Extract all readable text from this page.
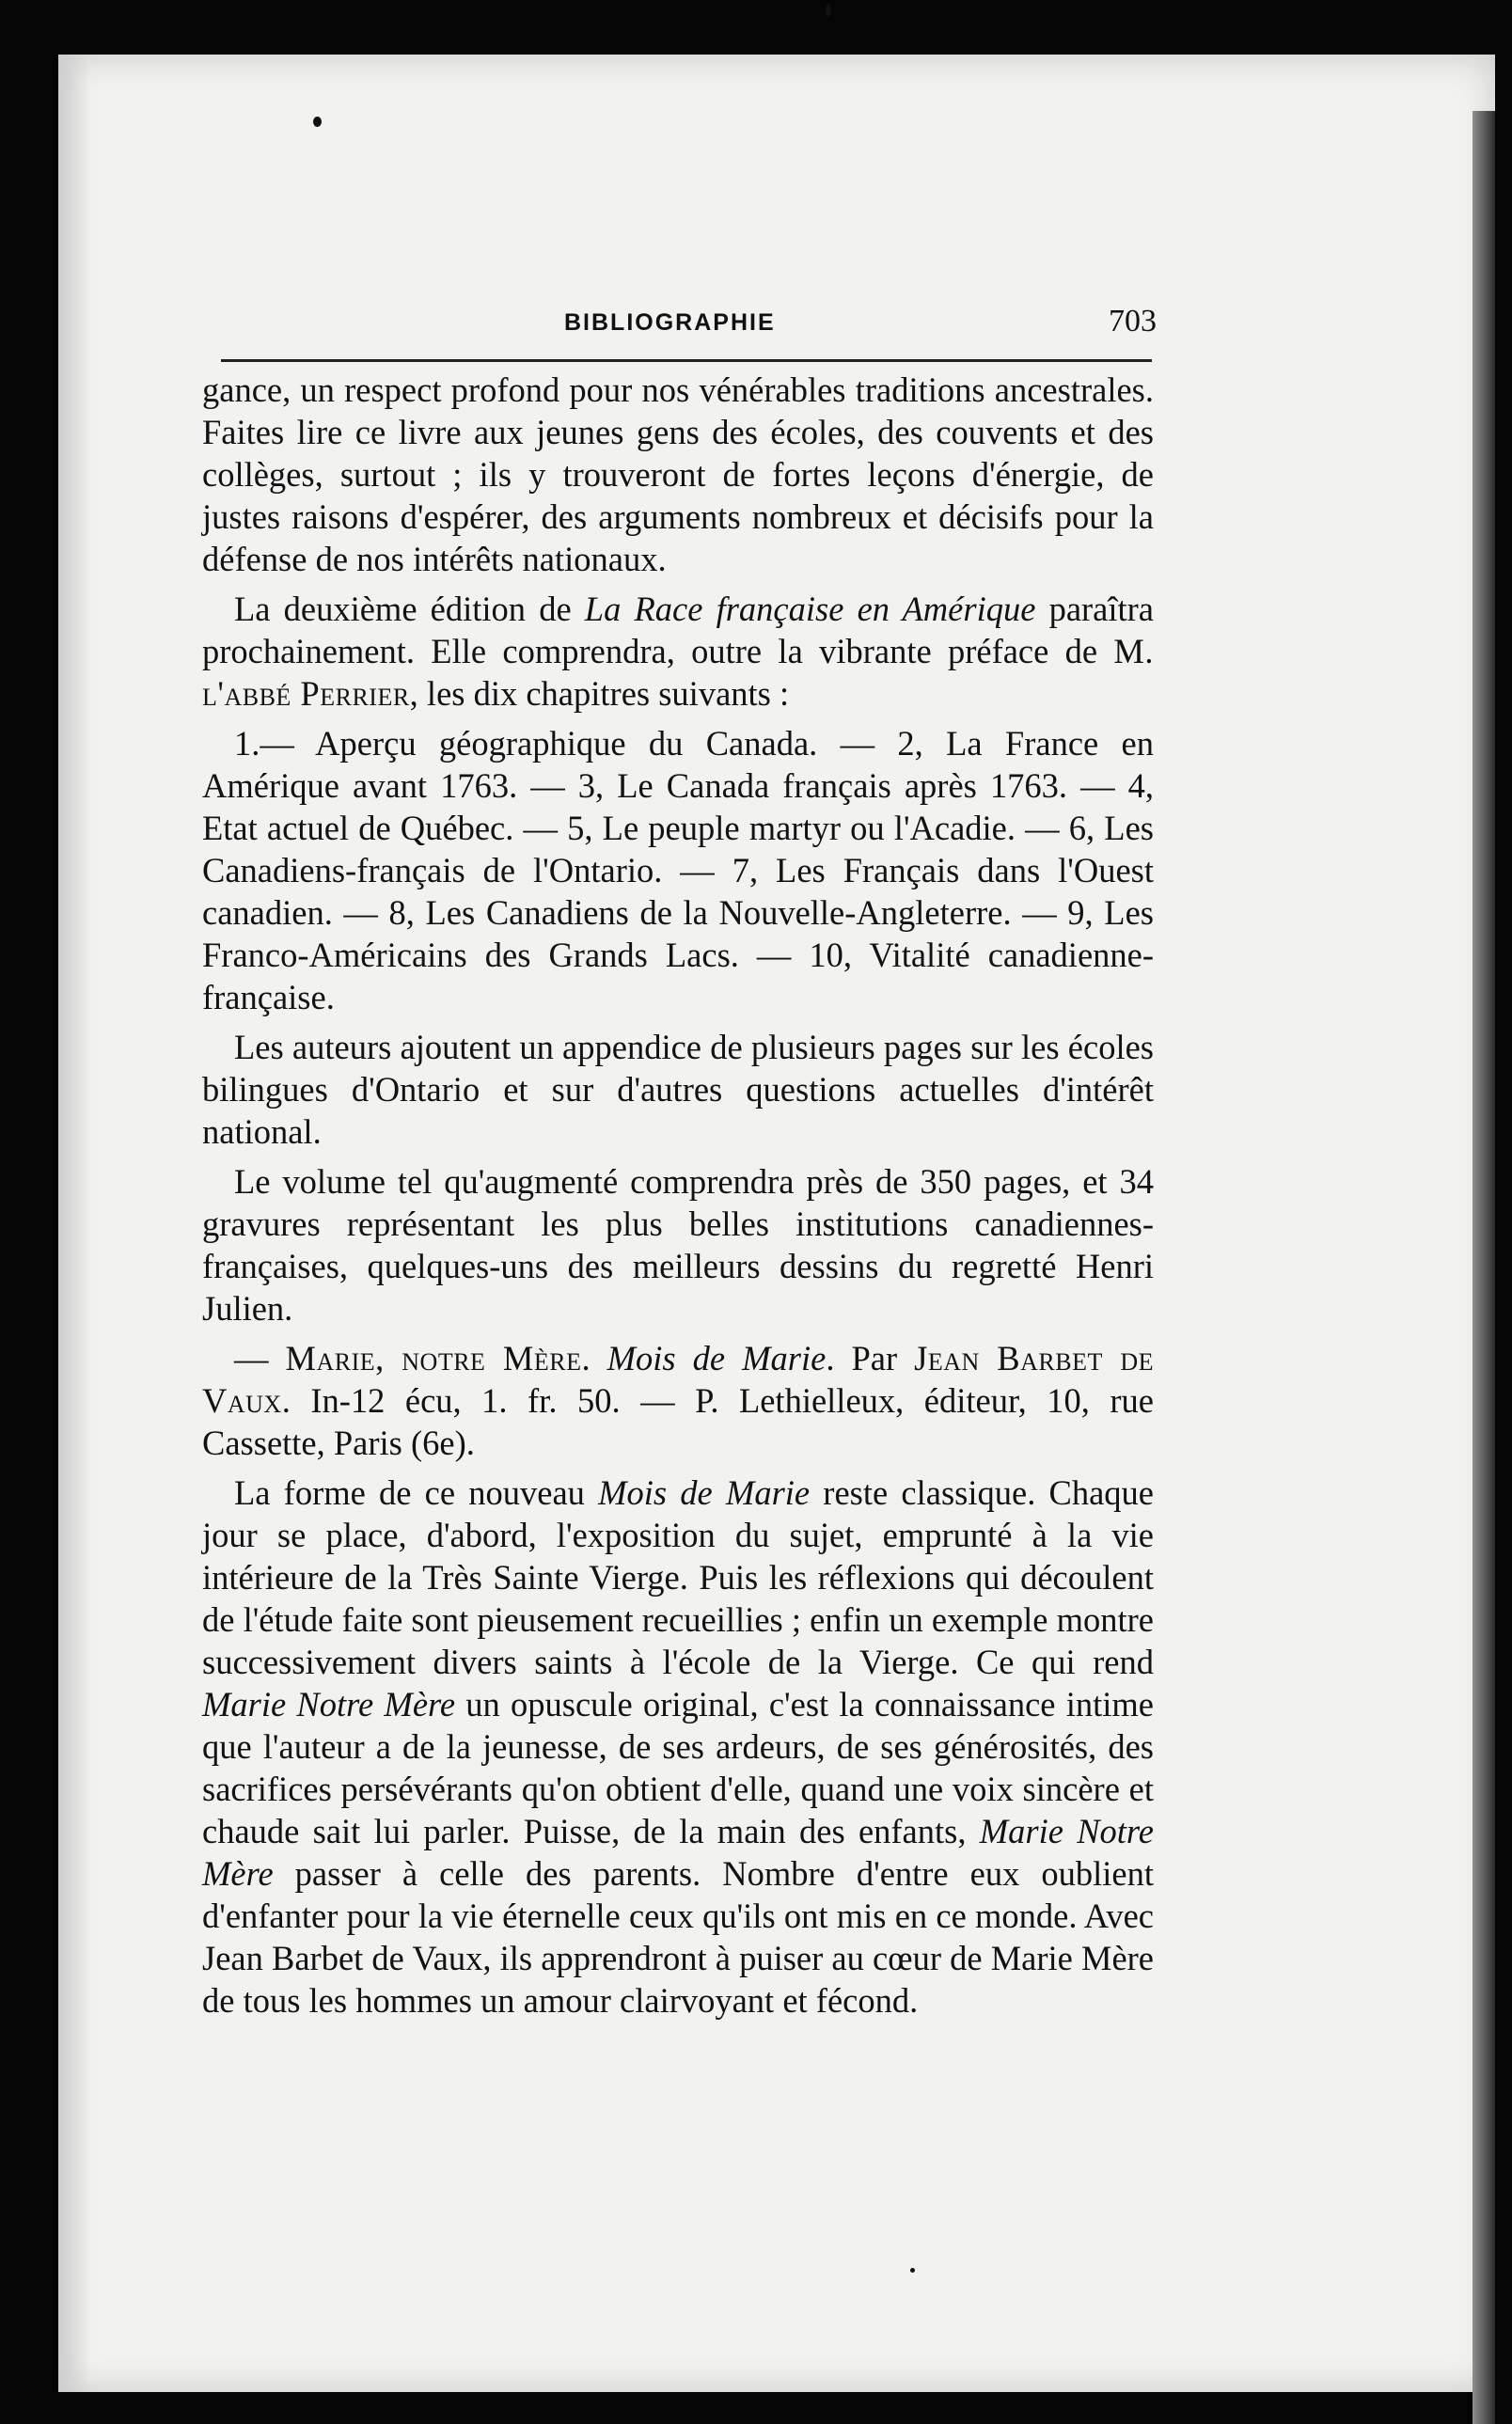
BIBLIOGRAPHIE	703

gance, un respect profond pour nos vénérables traditions ancestrales. Faites lire ce livre aux jeunes gens des écoles, des couvents et des collèges, surtout ; ils y trouveront de fortes leçons d'énergie, de justes raisons d'espérer, des arguments nombreux et décisifs pour la défense de nos intérêts nationaux.

La deuxième édition de La Race française en Amérique paraîtra prochainement. Elle comprendra, outre la vibrante préface de M. l'abbé Perrier, les dix chapitres suivants :

1.— Aperçu géographique du Canada. — 2, La France en Amérique avant 1763. — 3, Le Canada français après 1763. — 4, Etat actuel de Québec. — 5, Le peuple martyr ou l'Acadie. — 6, Les Canadiens-français de l'Ontario. — 7, Les Français dans l'Ouest canadien. — 8, Les Canadiens de la Nouvelle-Angleterre. — 9, Les Franco-Américains des Grands Lacs. — 10, Vitalité canadienne-française.

Les auteurs ajoutent un appendice de plusieurs pages sur les écoles bilingues d'Ontario et sur d'autres questions actuelles d'intérêt national.

Le volume tel qu'augmenté comprendra près de 350 pages, et 34 gravures représentant les plus belles institutions canadiennes-françaises, quelques-uns des meilleurs dessins du regretté Henri Julien.

— Marie, notre Mère. Mois de Marie. Par Jean Barbet de Vaux. In-12 écu, 1. fr. 50. — P. Lethielleux, éditeur, 10, rue Cassette, Paris (6e).

La forme de ce nouveau Mois de Marie reste classique. Chaque jour se place, d'abord, l'exposition du sujet, emprunté à la vie intérieure de la Très Sainte Vierge. Puis les réflexions qui découlent de l'étude faite sont pieusement recueillies ; enfin un exemple montre successivement divers saints à l'école de la Vierge. Ce qui rend Marie Notre Mère un opuscule original, c'est la connaissance intime que l'auteur a de la jeunesse, de ses ardeurs, de ses générosités, des sacrifices persévérants qu'on obtient d'elle, quand une voix sincère et chaude sait lui parler. Puisse, de la main des enfants, Marie Notre Mère passer à celle des parents. Nombre d'entre eux oublient d'enfanter pour la vie éternelle ceux qu'ils ont mis en ce monde. Avec Jean Barbet de Vaux, ils apprendront à puiser au cœur de Marie Mère de tous les hommes un amour clairvoyant et fécond.
